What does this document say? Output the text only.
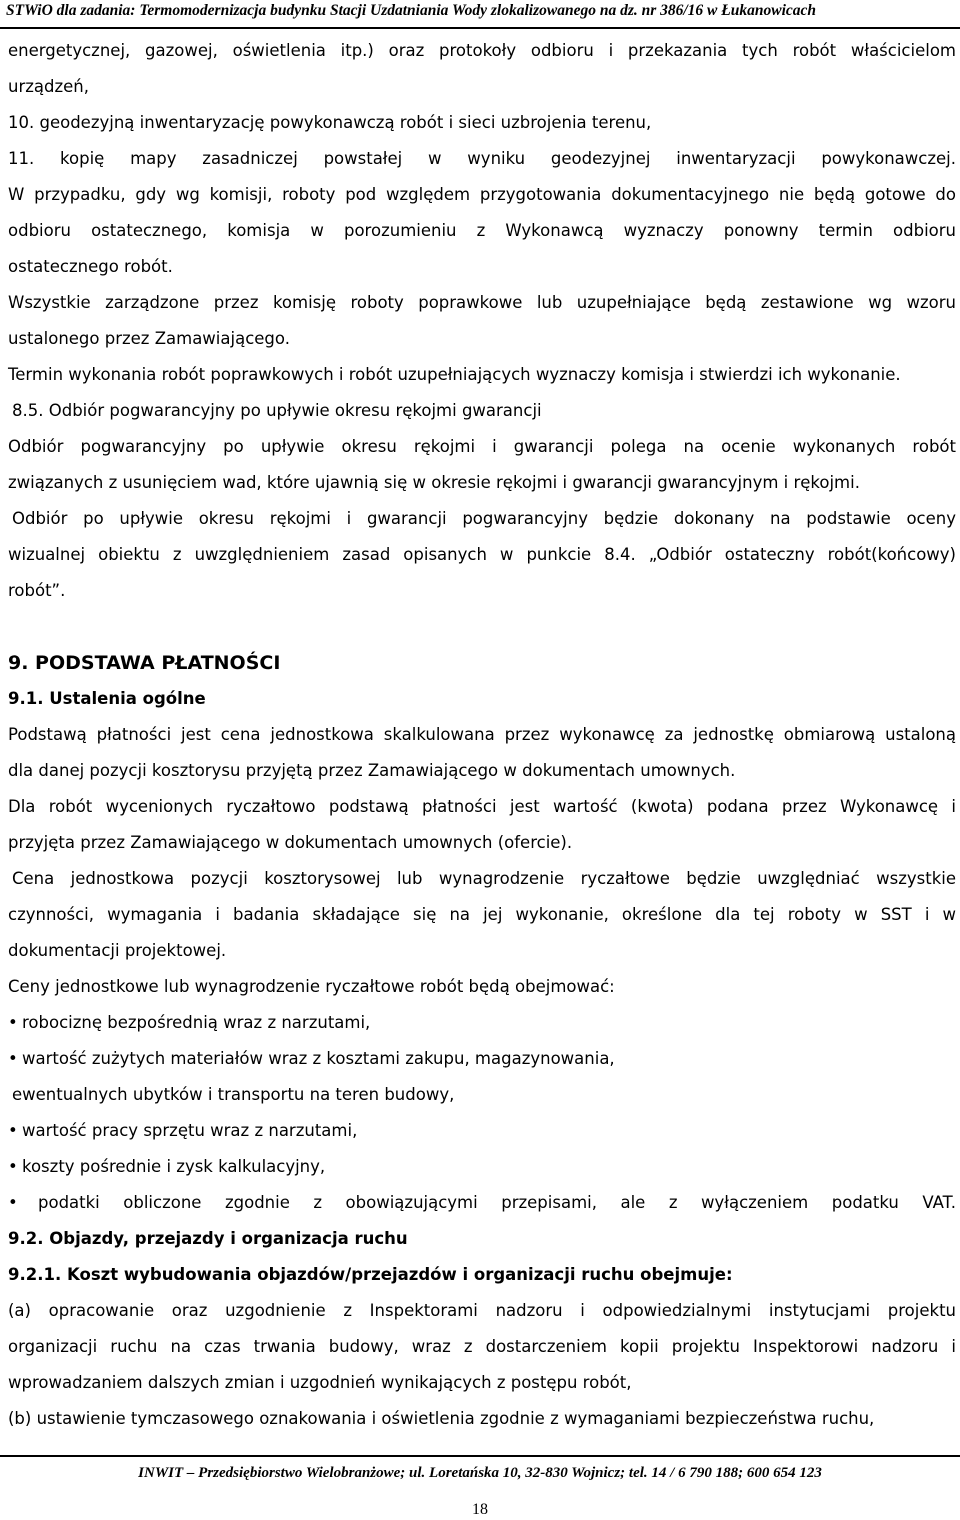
STWiO dla zadania: Termomodernizacja budynku Stacji Uzdatniania Wody zlokalizowanego na dz. nr 386/16 w Łukanowicach

energetycznej, gazowej, oświetlenia itp.) oraz protokoły odbioru i przekazania tych robót właścicielom

urządzeń,

10. geodezyjną inwentaryzację powykonawczą robót i sieci uzbrojenia terenu,

11. kopię mapy zasadniczej powstałej w wyniku geodezyjnej inwentaryzacji powykonawczej.

W przypadku, gdy wg komisji, roboty pod względem przygotowania dokumentacyjnego nie będą gotowe do

odbioru ostatecznego, komisja w porozumieniu z Wykonawcą wyznaczy ponowny termin odbioru

ostatecznego robót.

Wszystkie zarządzone przez komisję roboty poprawkowe lub uzupełniające będą zestawione wg wzoru

ustalonego przez Zamawiającego.

Termin wykonania robót poprawkowych i robót uzupełniających wyznaczy komisja i stwierdzi ich wykonanie.

8.5. Odbiór pogwarancyjny po upływie okresu rękojmi gwarancji

Odbiór pogwarancyjny po upływie okresu rękojmi i gwarancji polega na ocenie wykonanych robót

związanych z usunięciem wad, które ujawnią się w okresie rękojmi i gwarancji gwarancyjnym i rękojmi.

Odbiór po upływie okresu rękojmi i gwarancji pogwarancyjny będzie dokonany na podstawie oceny

wizualnej obiektu z uwzględnieniem zasad opisanych w punkcie 8.4. „Odbiór ostateczny robót(końcowy)

robót”.

9. PODSTAWA PŁATNOŚCI

9.1. Ustalenia ogólne

Podstawą płatności jest cena jednostkowa skalkulowana przez wykonawcę za jednostkę obmiarową ustaloną

dla danej pozycji kosztorysu przyjętą przez Zamawiającego w dokumentach umownych.

Dla robót wycenionych ryczałtowo podstawą płatności jest wartość (kwota) podana przez Wykonawcę i

przyjęta przez Zamawiającego w dokumentach umownych (ofercie).

Cena jednostkowa pozycji kosztorysowej lub wynagrodzenie ryczałtowe będzie uwzględniać wszystkie

czynności, wymagania i badania składające się na jej wykonanie, określone dla tej roboty w SST i w

dokumentacji projektowej.

Ceny jednostkowe lub wynagrodzenie ryczałtowe robót będą obejmować:

• robociznę bezpośrednią wraz z narzutami,
• wartość zużytych materiałów wraz z kosztami zakupu, magazynowania,

ewentualnych ubytków i transportu na teren budowy,

• wartość pracy sprzętu wraz z narzutami,
• koszty pośrednie i zysk kalkulacyjny,
•	podatki obliczone zgodnie z obowiązującymi przepisami, ale z wyłączeniem podatku VAT.

9.2. Objazdy, przejazdy i organizacja ruchu

9.2.1. Koszt wybudowania objazdów/przejazdów i organizacji ruchu obejmuje:

(a) opracowanie oraz uzgodnienie z Inspektorami nadzoru i odpowiedzialnymi instytucjami projektu

organizacji ruchu na czas trwania budowy, wraz z dostarczeniem kopii projektu Inspektorowi nadzoru i

wprowadzaniem dalszych zmian i uzgodnień wynikających z postępu robót,

(b) ustawienie tymczasowego oznakowania i oświetlenia zgodnie z wymaganiami bezpieczeństwa ruchu,

INWIT – Przedsiębiorstwo Wielobranżowe; ul. Loretańska 10, 32-830 Wojnicz; tel. 14 / 6 790 188; 600 654 123
18
